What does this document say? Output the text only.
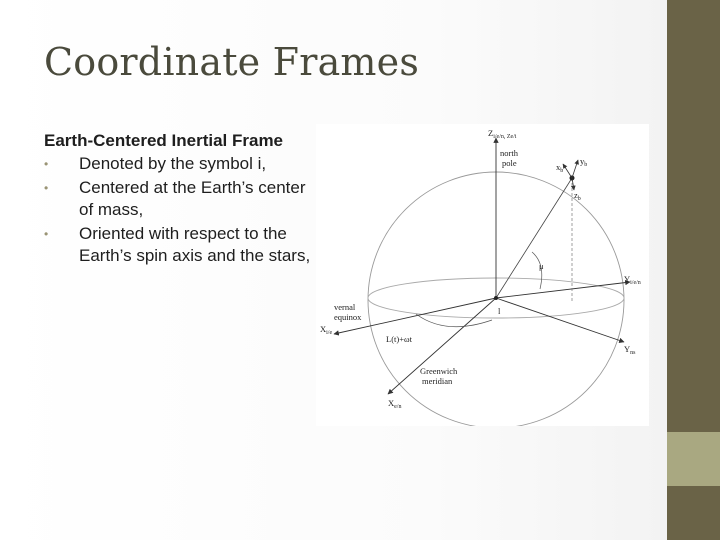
Coordinate Frames
Earth-Centered Inertial Frame
• Denoted by the symbol i,
• Centered at the Earth’s center of mass,
• Oriented with respect to the Earth’s spin axis and the stars,
$Z_{i/e/n, Z}e/i$
north
pole	$x_b$
$y_b$
$z_b$
μ
$Y_{i/e/n}$
vernal
equinox
$X_{i/e}$
l
L(t)+ωt
$Y_{ns}$
Greenwich
meridian
$X_{e/n}$
